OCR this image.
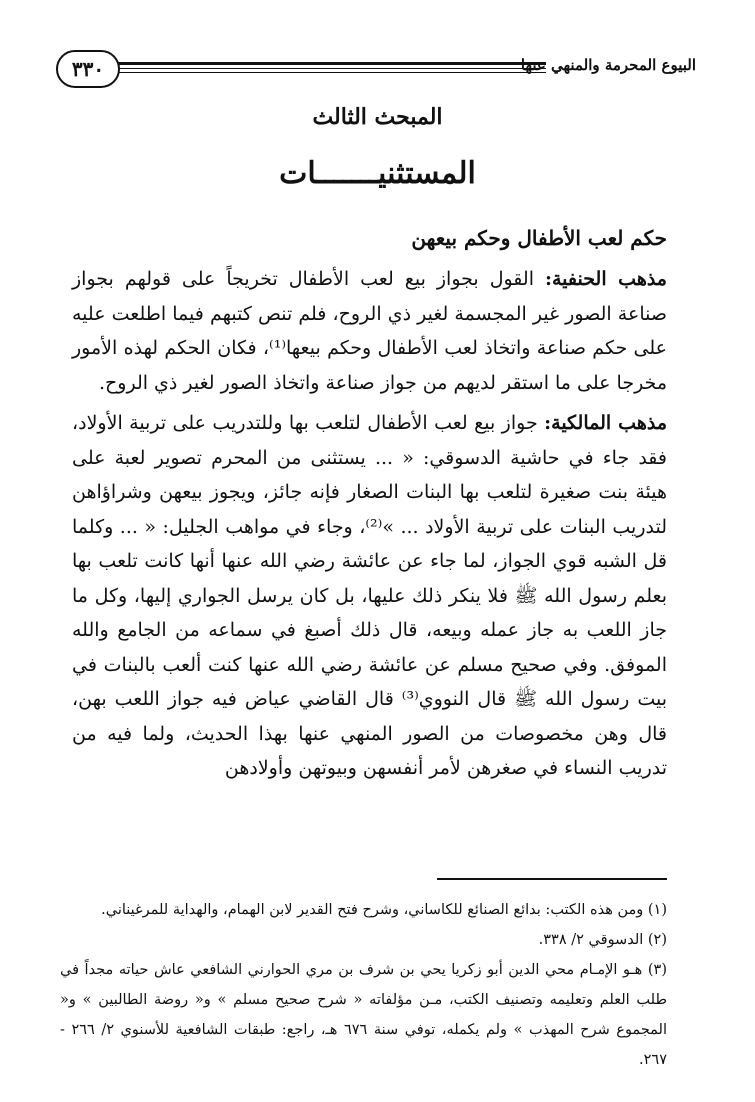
٣٣٠	البيوع المحرمة والمنهي عنها
المبحث الثالث
المستثنيـــــــات
حكم لعب الأطفال وحكم بيعهن

مذهب الحنفية: القول بجواز بيع لعب الأطفال تخريجاً على قولهم بجواز صناعة الصور غير المجسمة لغير ذي الروح، فلم تنص كتبهم فيما اطلعت عليه على حكم صناعة واتخاذ لعب الأطفال وحكم بيعها⁽¹⁾، فكان الحكم لهذه الأمور مخرجا على ما استقر لديهم من جواز صناعة واتخاذ الصور لغير ذي الروح.

مذهب المالكية: جواز بيع لعب الأطفال لتلعب بها وللتدريب على تربية الأولاد، فقد جاء في حاشية الدسوقي: « ... يستثنى من المحرم تصوير لعبة على هيئة بنت صغيرة لتلعب بها البنات الصغار فإنه جائز، ويجوز بيعهن وشراؤاهن لتدريب البنات على تربية الأولاد ... »⁽²⁾، وجاء في مواهب الجليل: « ... وكلما قل الشبه قوي الجواز، لما جاء عن عائشة رضي الله عنها أنها كانت تلعب بها بعلم رسول الله ﷺ فلا ينكر ذلك عليها، بل كان يرسل الجواري إليها، وكل ما جاز اللعب به جاز عمله وبيعه، قال ذلك أصبغ في سماعه من الجامع والله الموفق. وفي صحيح مسلم عن عائشة رضي الله عنها كنت ألعب بالبنات في بيت رسول الله ﷺ قال النووي⁽³⁾ قال القاضي عياض فيه جواز اللعب بهن، قال وهن مخصوصات من الصور المنهي عنها بهذا الحديث، ولما فيه من تدريب النساء في صغرهن لأمر أنفسهن وبيوتهن وأولادهن

(١) ومن هذه الكتب: بدائع الصنائع للكاساني، وشرح فتح القدير لابن الهمام، والهداية للمرغيناني.

(٢) الدسوقي ٢/ ٣٣٨.

(٣) هـو الإمـام محي الدين أبو زكريا يحي بن شرف بن مري الحوارني الشافعي عاش حياته مجداً في طلب العلم وتعليمه وتصنيف الكتب، مـن مؤلفاته « شرح صحيح مسلم » و« روضة الطالبين » و« المجموع شرح المهذب » ولم يكمله، توفي سنة ٦٧٦ هـ، راجع: طبقات الشافعية للأسنوي ٢/ ٢٦٦ - ٢٦٧.
